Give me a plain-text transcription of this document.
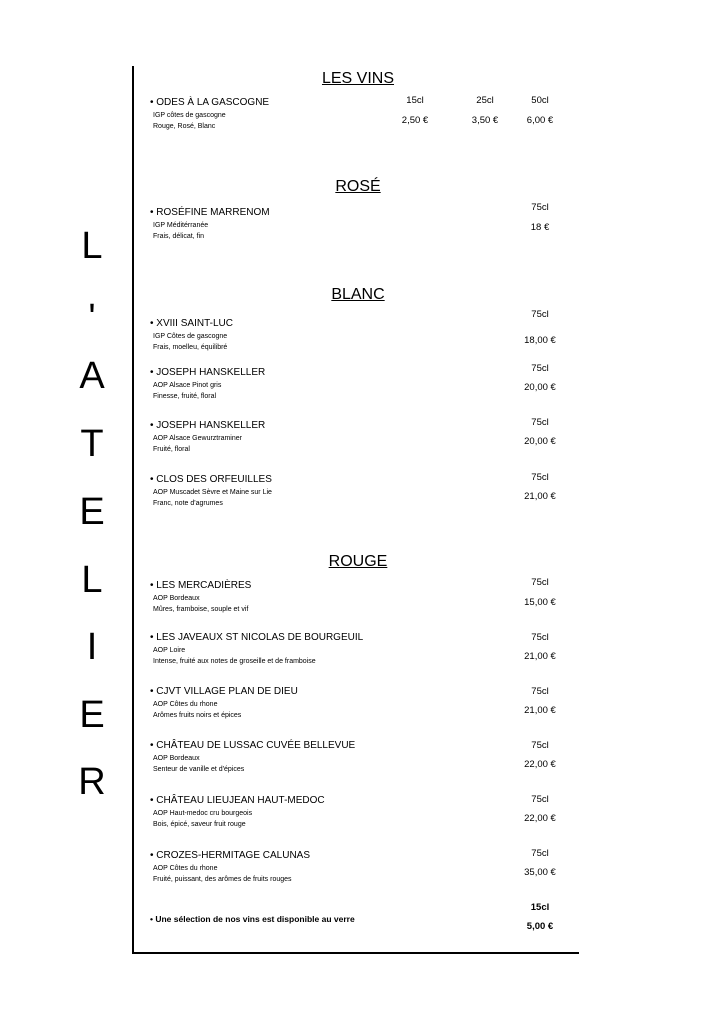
L
'
A
T
E
L
I
E
R
LES VINS
• ODES À LA GASCOGNE
IGP côtes de gascogne
Rouge, Rosé, Blanc
15cl	25cl	50cl
2,50 €	3,50 €	6,00 €
ROSÉ
• ROSÉFINE MARRENOM
IGP Méditérranée
Frais, délicat, fin
75cl
18 €
BLANC
• XVIII SAINT-LUC
IGP Côtes de gascogne
Frais, moelleu, équilibré
75cl
18,00 €
• JOSEPH HANSKELLER
AOP Alsace Pinot gris
Finesse, fruité, floral
75cl
20,00 €
• JOSEPH HANSKELLER
AOP Alsace Gewurztraminer
Fruité, floral
75cl
20,00 €
• CLOS DES ORFEUILLES
AOP Muscadet Sèvre et Maine sur Lie
Franc, note d'agrumes
75cl
21,00 €
ROUGE
• LES MERCADIÈRES
AOP Bordeaux
Mûres, framboise, souple et vif
75cl
15,00 €
• LES JAVEAUX ST NICOLAS DE BOURGEUIL
AOP Loire
Intense, fruité aux notes de groseille et de framboise
75cl
21,00 €
• CJVT VILLAGE PLAN DE DIEU
AOP Côtes du rhone
Arômes fruits noirs et épices
75cl
21,00 €
• CHÂTEAU DE LUSSAC CUVÉE BELLEVUE
AOP Bordeaux
Senteur de vanille et d'épices
75cl
22,00 €
• CHÂTEAU LIEUJEAN HAUT-MEDOC
AOP Haut-medoc cru bourgeois
Bois, épicé, saveur fruit rouge
75cl
22,00 €
• CROZES-HERMITAGE CALUNAS
AOP Côtes du rhone
Fruité, puissant, des arômes de fruits rouges
75cl
35,00 €
• Une sélection de nos vins est disponible au verre
15cl
5,00 €
